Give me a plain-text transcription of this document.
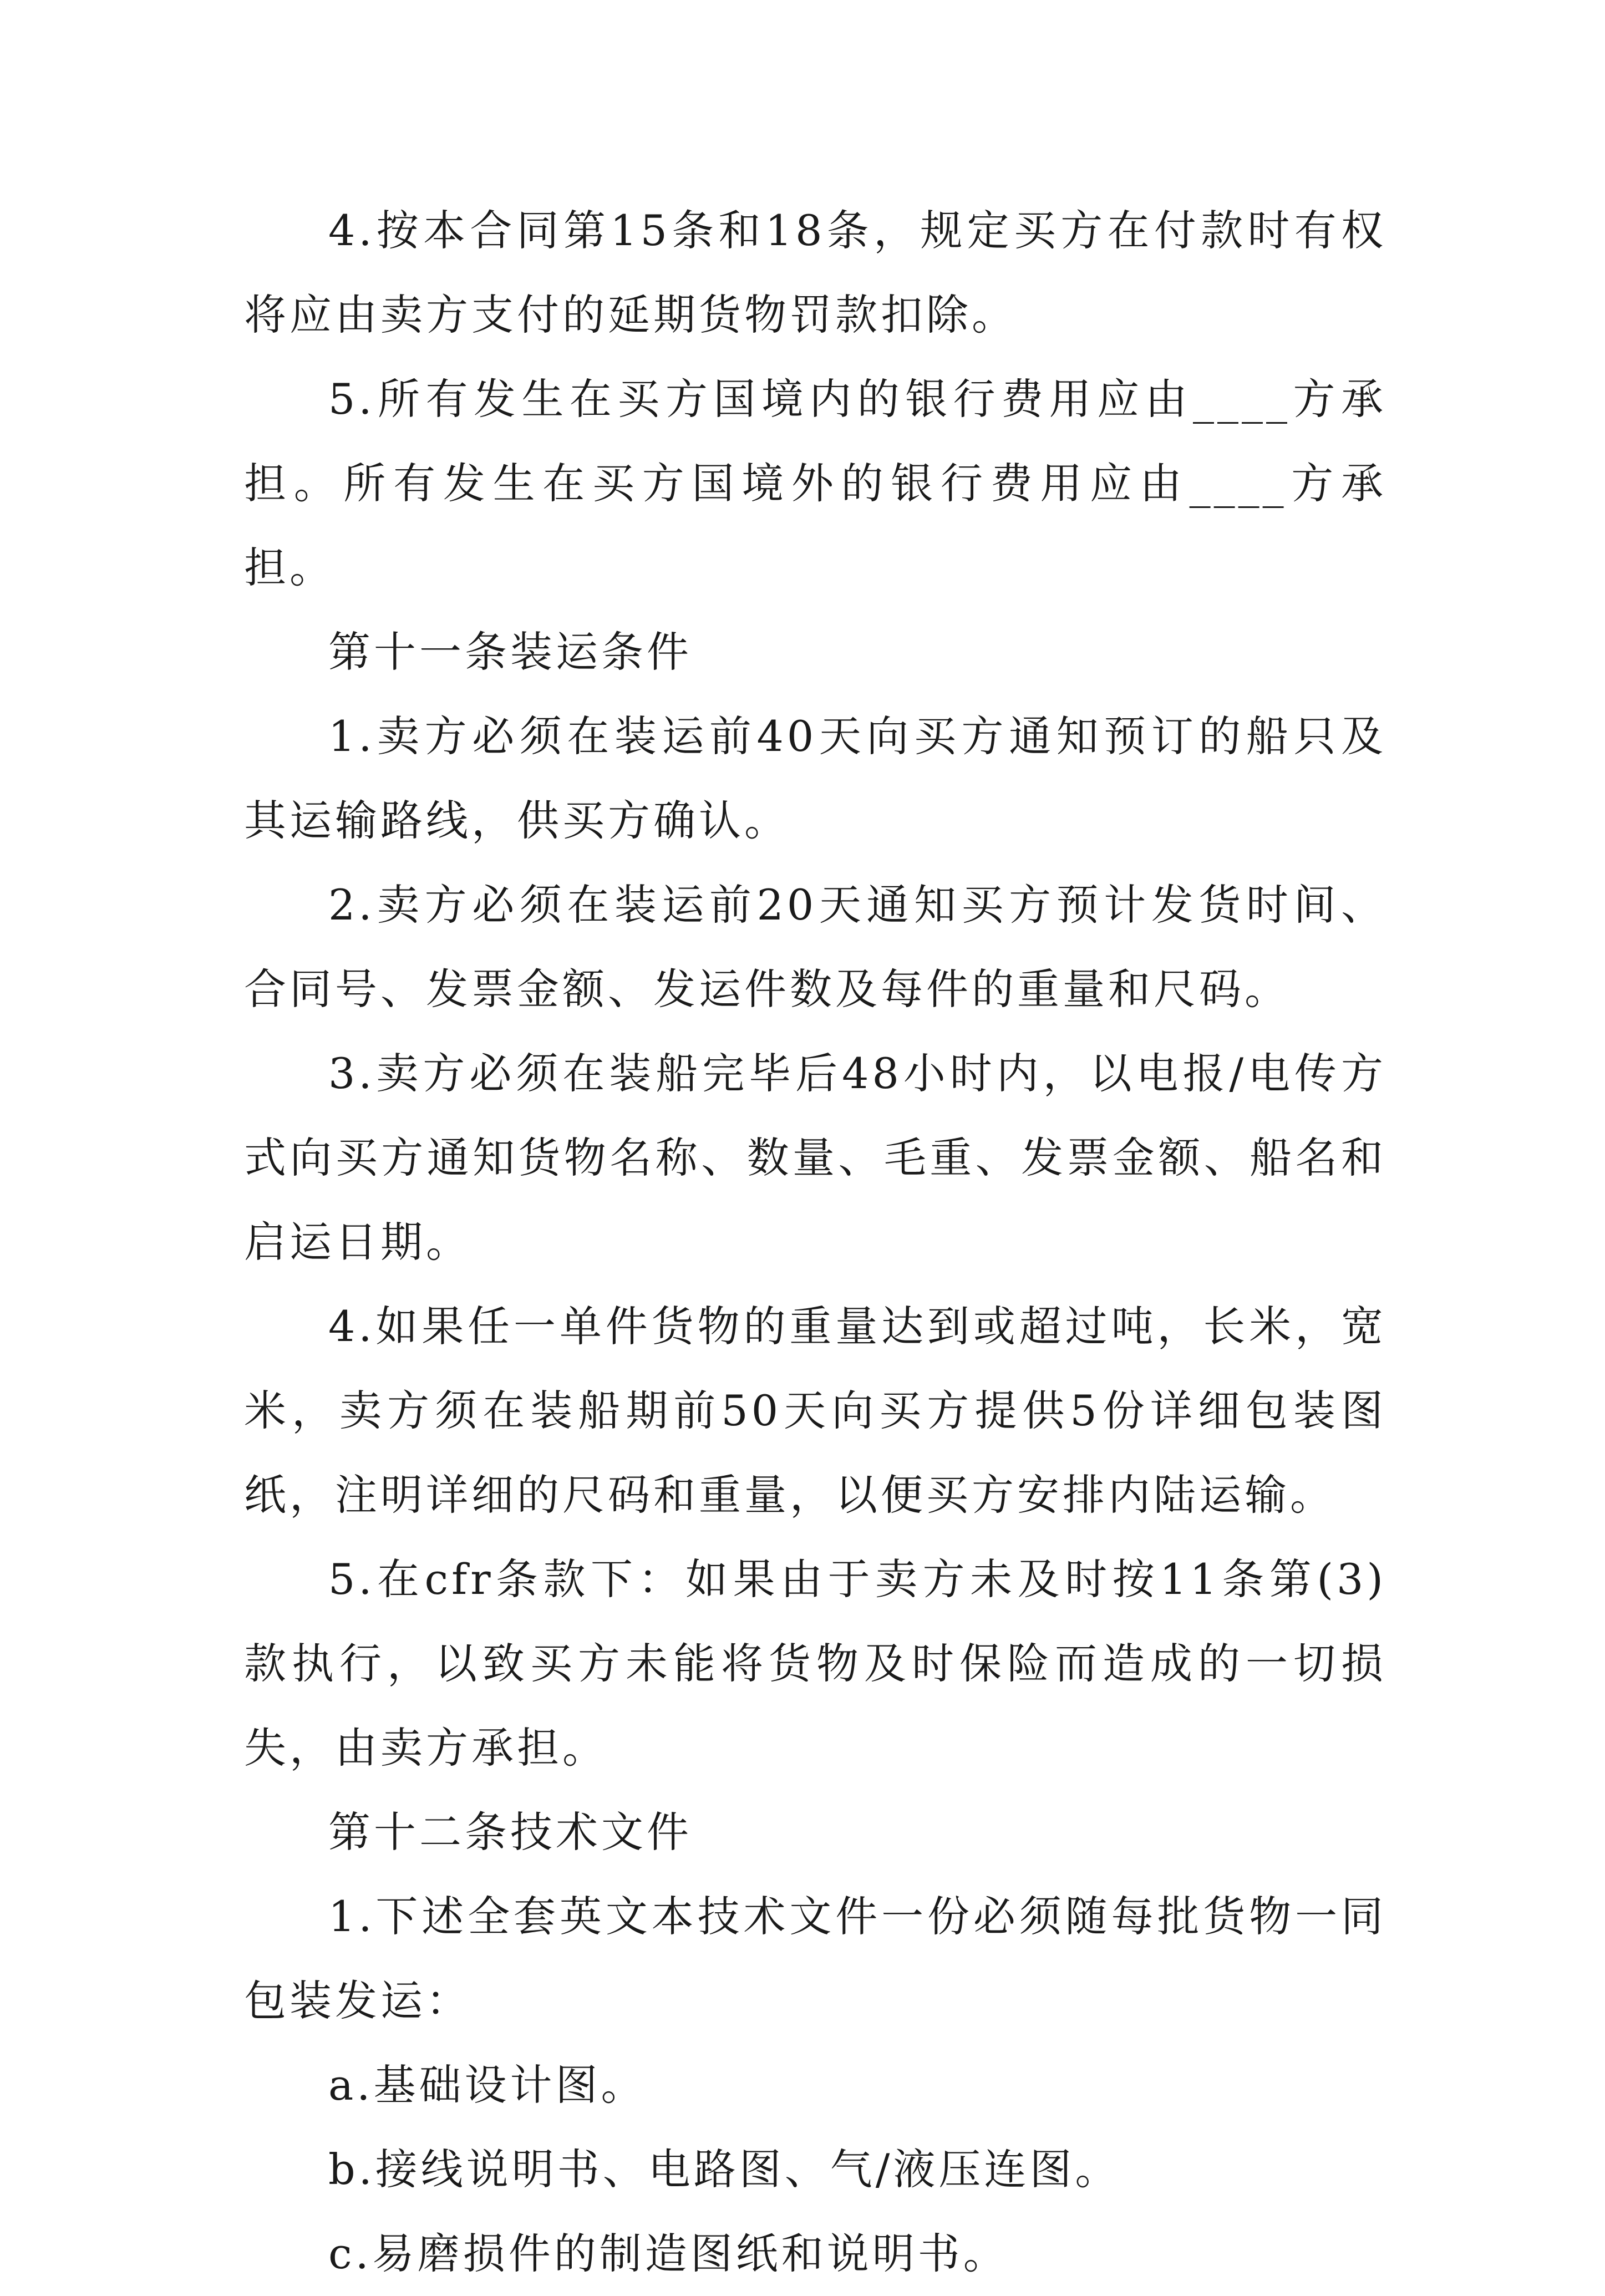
4.按本合同第15条和18条，规定买方在付款时有权将应由卖方支付的延期货物罚款扣除。

5.所有发生在买方国境内的银行费用应由____方承担。所有发生在买方国境外的银行费用应由____方承担。

第十一条装运条件

1.卖方必须在装运前40天向买方通知预订的船只及其运输路线，供买方确认。

2.卖方必须在装运前20天通知买方预计发货时间、合同号、发票金额、发运件数及每件的重量和尺码。

3.卖方必须在装船完毕后48小时内，以电报/电传方式向买方通知货物名称、数量、毛重、发票金额、船名和启运日期。

4.如果任一单件货物的重量达到或超过吨，长米，宽米，卖方须在装船期前50天向买方提供5份详细包装图纸，注明详细的尺码和重量，以便买方安排内陆运输。

5.在cfr条款下：如果由于卖方未及时按11条第(3)款执行，以致买方未能将货物及时保险而造成的一切损失，由卖方承担。

第十二条技术文件

1.下述全套英文本技术文件一份必须随每批货物一同包装发运：

a.基础设计图。

b.接线说明书、电路图、气/液压连图。

c.易磨损件的制造图纸和说明书。
